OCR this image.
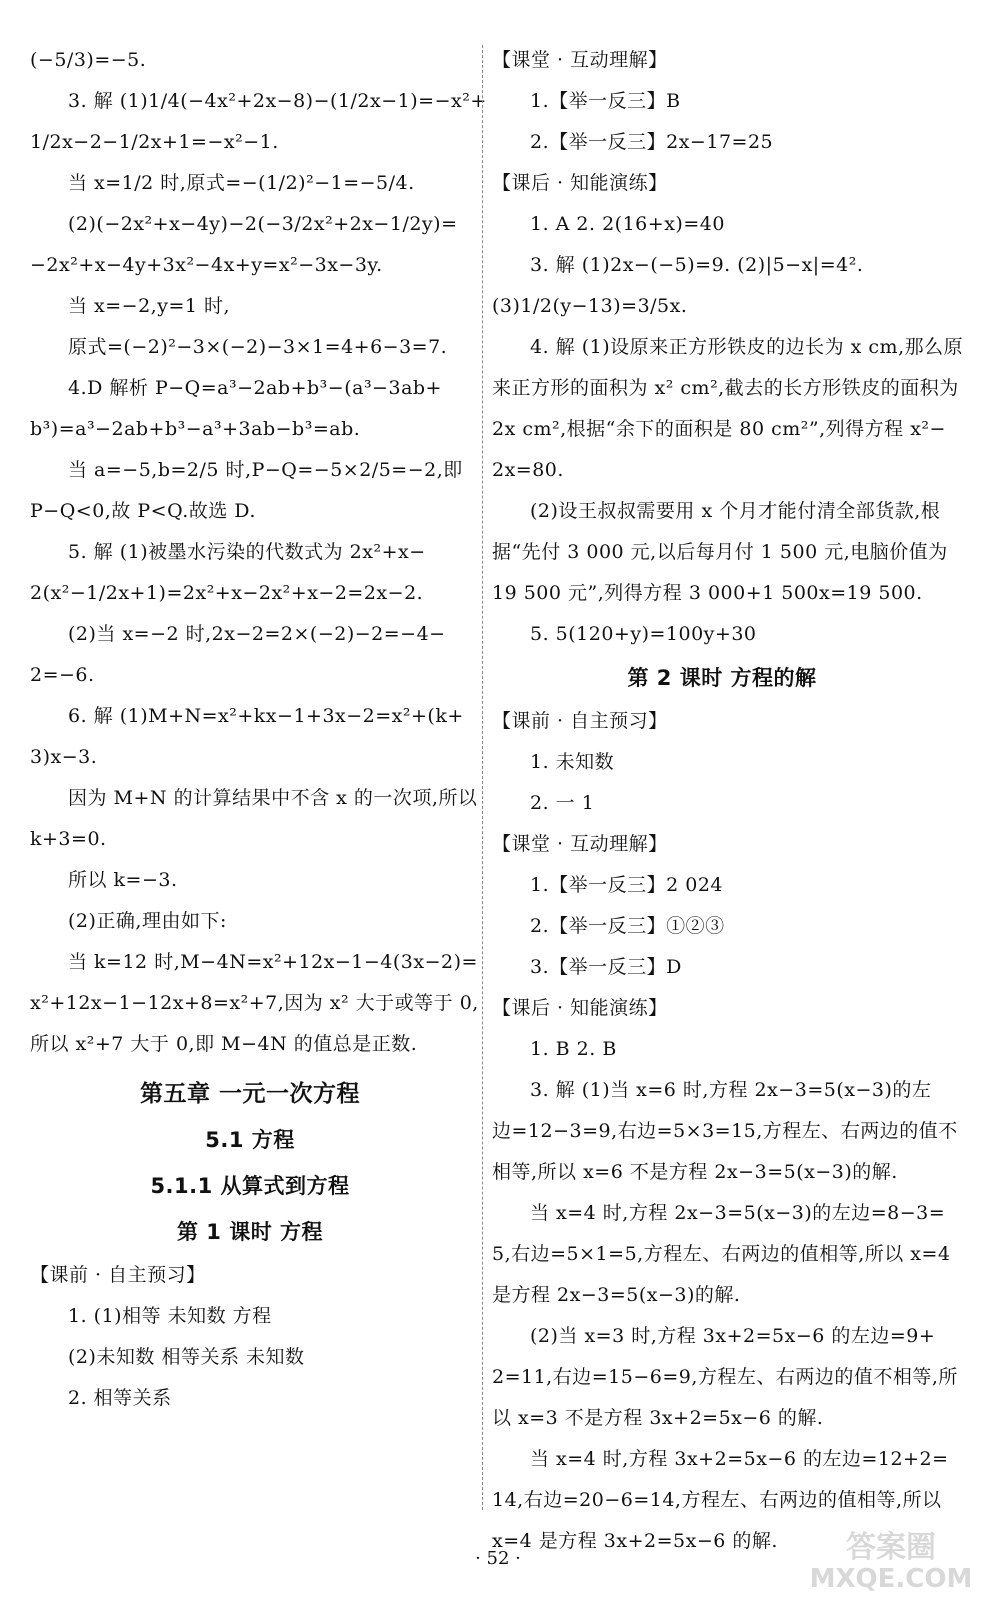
(−5/3)=−5.
3. 解 (1)1/4(−4x²+2x−8)−(1/2x−1)=−x²+
1/2x−2−1/2x+1=−x²−1.
当 x=1/2 时,原式=−(1/2)²−1=−5/4.
(2)(−2x²+x−4y)−2(−3/2x²+2x−1/2y)=
−2x²+x−4y+3x²−4x+y=x²−3x−3y.
当 x=−2,y=1 时,
原式=(−2)²−3×(−2)−3×1=4+6−3=7.
4.D 解析 P−Q=a³−2ab+b³−(a³−3ab+
b³)=a³−2ab+b³−a³+3ab−b³=ab.
当 a=−5,b=2/5 时,P−Q=−5×2/5=−2,即
P−Q<0,故 P<Q.故选 D.
5. 解 (1)被墨水污染的代数式为 2x²+x−
2(x²−1/2x+1)=2x²+x−2x²+x−2=2x−2.
(2)当 x=−2 时,2x−2=2×(−2)−2=−4−
2=−6.
6. 解 (1)M+N=x²+kx−1+3x−2=x²+(k+
3)x−3.
因为 M+N 的计算结果中不含 x 的一次项,所以
k+3=0.
所以 k=−3.
(2)正确,理由如下:
当 k=12 时,M−4N=x²+12x−1−4(3x−2)=
x²+12x−1−12x+8=x²+7,因为 x² 大于或等于 0,
所以 x²+7 大于 0,即 M−4N 的值总是正数.
第五章 一元一次方程
5.1 方程
5.1.1 从算式到方程
第 1 课时 方程
【课前 · 自主预习】
1. (1)相等 未知数 方程
(2)未知数 相等关系 未知数
2. 相等关系
【课堂 · 互动理解】
1.【举一反三】B
2.【举一反三】2x−17=25
【课后 · 知能演练】
1. A 2. 2(16+x)=40
3. 解 (1)2x−(−5)=9. (2)|5−x|=4².
(3)1/2(y−13)=3/5x.
4. 解 (1)设原来正方形铁皮的边长为 x cm,那么原
来正方形的面积为 x² cm²,截去的长方形铁皮的面积为
2x cm²,根据“余下的面积是 80 cm²”,列得方程 x²−
2x=80.
(2)设王叔叔需要用 x 个月才能付清全部货款,根
据“先付 3 000 元,以后每月付 1 500 元,电脑价值为
19 500 元”,列得方程 3 000+1 500x=19 500.
5. 5(120+y)=100y+30
第 2 课时 方程的解
【课前 · 自主预习】
1. 未知数
2. 一 1
【课堂 · 互动理解】
1.【举一反三】2 024
2.【举一反三】①②③
3.【举一反三】D
【课后 · 知能演练】
1. B 2. B
3. 解 (1)当 x=6 时,方程 2x−3=5(x−3)的左
边=12−3=9,右边=5×3=15,方程左、右两边的值不
相等,所以 x=6 不是方程 2x−3=5(x−3)的解.
当 x=4 时,方程 2x−3=5(x−3)的左边=8−3=
5,右边=5×1=5,方程左、右两边的值相等,所以 x=4
是方程 2x−3=5(x−3)的解.
(2)当 x=3 时,方程 3x+2=5x−6 的左边=9+
2=11,右边=15−6=9,方程左、右两边的值不相等,所
以 x=3 不是方程 3x+2=5x−6 的解.
当 x=4 时,方程 3x+2=5x−6 的左边=12+2=
14,右边=20−6=14,方程左、右两边的值相等,所以
x=4 是方程 3x+2=5x−6 的解.
· 52 ·	答案圈
MXQE.COM
